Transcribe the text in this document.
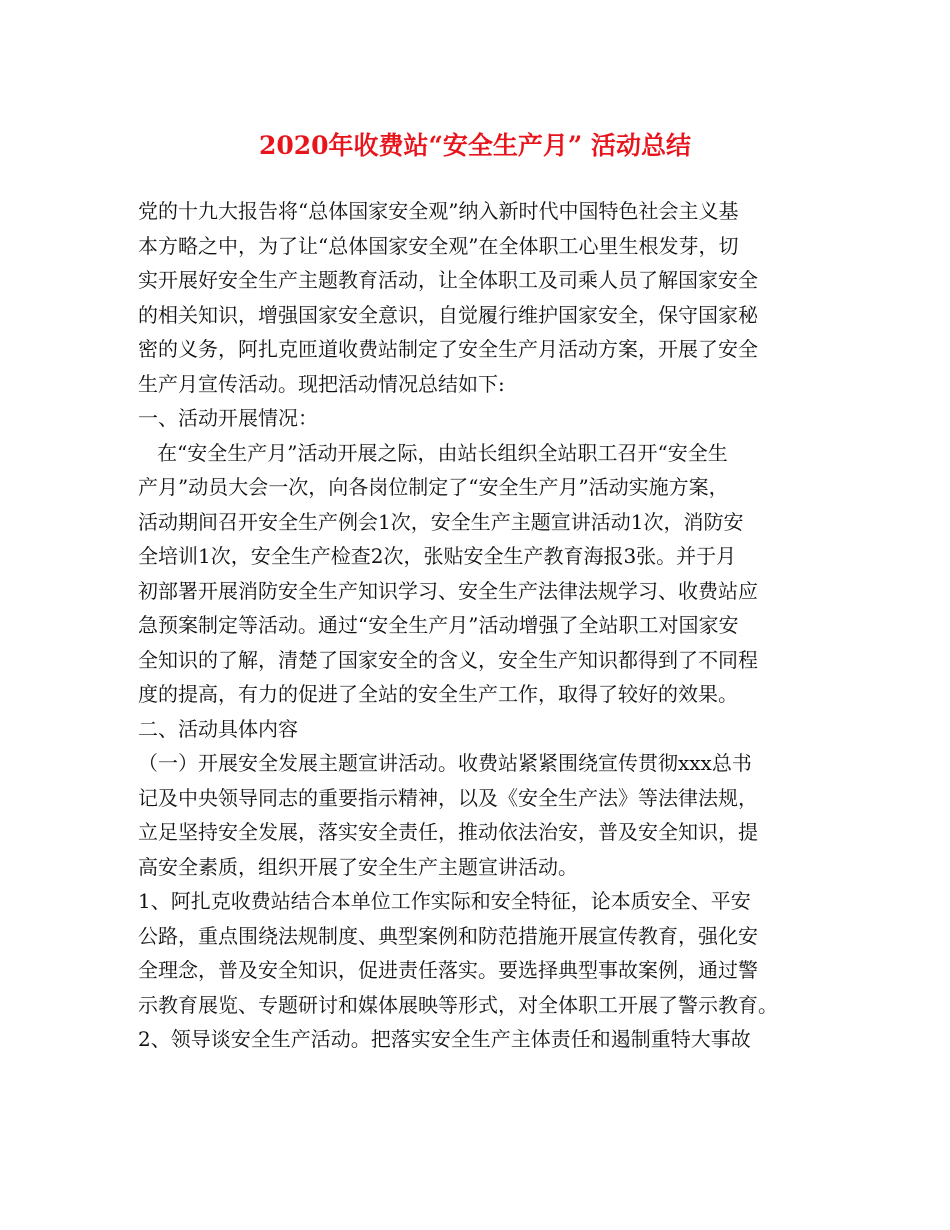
2020年收费站“安全生产月” 活动总结
党的十九大报告将“总体国家安全观”纳入新时代中国特色社会主义基
本方略之中，为了让“总体国家安全观”在全体职工心里生根发芽，切
实开展好安全生产主题教育活动，让全体职工及司乘人员了解国家安全
的相关知识，增强国家安全意识，自觉履行维护国家安全，保守国家秘
密的义务，阿扎克匝道收费站制定了安全生产月活动方案，开展了安全
生产月宣传活动。现把活动情况总结如下:
一、活动开展情况：
在“安全生产月”活动开展之际，由站长组织全站职工召开“安全生
产月”动员大会一次，向各岗位制定了“安全生产月”活动实施方案，
活动期间召开安全生产例会1次，安全生产主题宣讲活动1次，消防安
全培训1次，安全生产检查2次，张贴安全生产教育海报3张。并于月
初部署开展消防安全生产知识学习、安全生产法律法规学习、收费站应
急预案制定等活动。通过“安全生产月”活动增强了全站职工对国家安
全知识的了解，清楚了国家安全的含义，安全生产知识都得到了不同程
度的提高，有力的促进了全站的安全生产工作，取得了较好的效果。
二、活动具体内容
（一）开展安全发展主题宣讲活动。收费站紧紧围绕宣传贯彻xxx总书
记及中央领导同志的重要指示精神，以及《安全生产法》等法律法规，
立足坚持安全发展，落实安全责任，推动依法治安，普及安全知识，提
高安全素质，组织开展了安全生产主题宣讲活动。
1、阿扎克收费站结合本单位工作实际和安全特征，论本质安全、平安
公路，重点围绕法规制度、典型案例和防范措施开展宣传教育，强化安
全理念，普及安全知识，促进责任落实。要选择典型事故案例，通过警
示教育展览、专题研讨和媒体展映等形式，对全体职工开展了警示教育。
2、领导谈安全生产活动。把落实安全生产主体责任和遏制重特大事故
